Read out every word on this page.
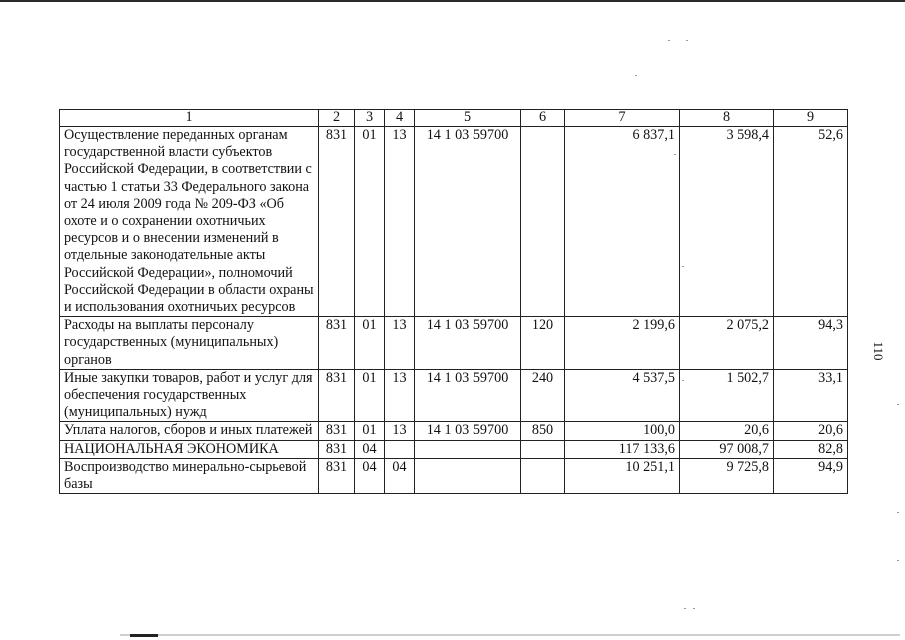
1	2	3	4	5	6	7	8	9
Осуществление переданных органам государственной власти субъектов Российской Федерации, в соответствии с частью 1 статьи 33 Федерального закона от 24 июля 2009 года № 209-ФЗ «Об охоте и о сохранении охотничьих ресурсов и о внесении изменений в отдельные законодательные акты Российской Федерации», полномочий Российской Федерации в области охраны и использования охотничьих ресурсов	831	01	13	14 1 03 59700		6 837,1	3 598,4	52,6
Расходы на выплаты персоналу государственных (муниципальных) органов	831	01	13	14 1 03 59700	120	2 199,6	2 075,2	94,3
Иные закупки товаров, работ и услуг для обеспечения государственных (муниципальных) нужд	831	01	13	14 1 03 59700	240	4 537,5	1 502,7	33,1
Уплата налогов, сборов и иных платежей	831	01	13	14 1 03 59700	850	100,0	20,6	20,6
НАЦИОНАЛЬНАЯ ЭКОНОМИКА	831	04				117 133,6	97 008,7	82,8
Воспроизводство минерально-сырьевой базы	831	04	04			10 251,1	9 725,8	94,9
110
